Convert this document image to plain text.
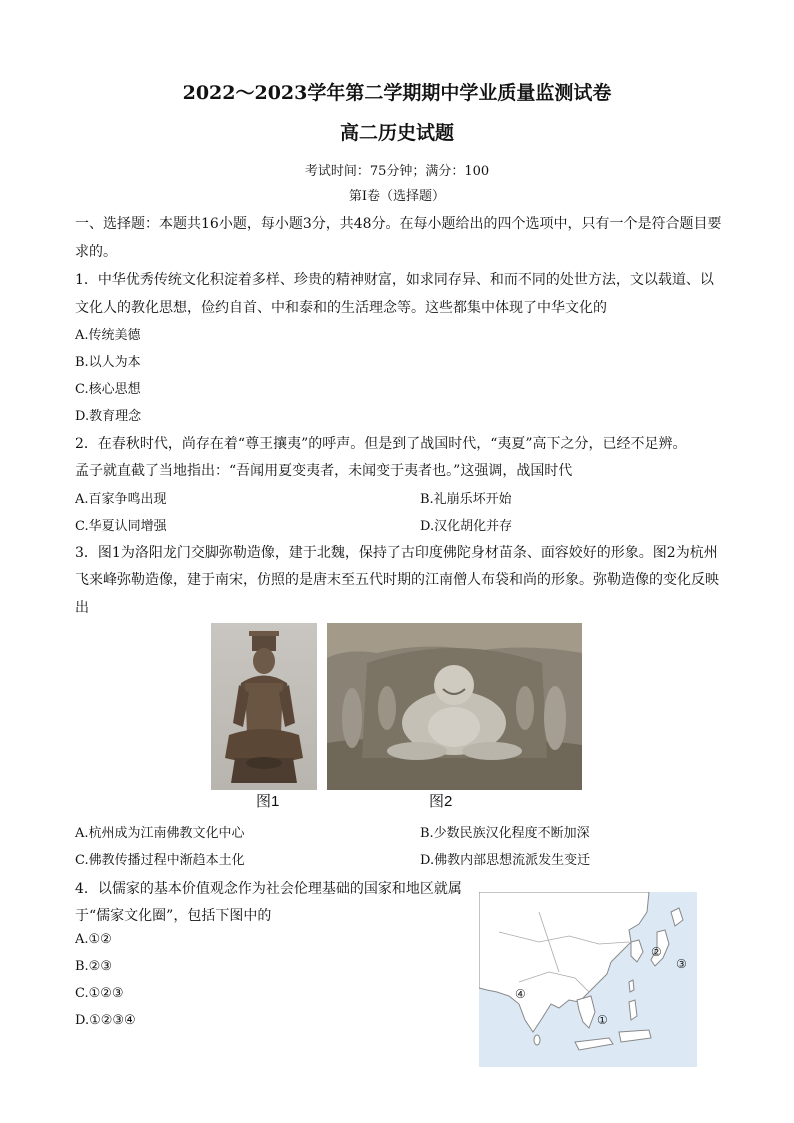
2022～2023学年第二学期期中学业质量监测试卷
高二历史试题
考试时间：75分钟；满分：100
第Ⅰ卷（选择题）
一、选择题：本题共16小题，每小题3分，共48分。在每小题给出的四个选项中，只有一个是符合题目要
求的。
1．中华优秀传统文化积淀着多样、珍贵的精神财富，如求同存异、和而不同的处世方法，文以载道、以
文化人的教化思想，俭约自首、中和泰和的生活理念等。这些都集中体现了中华文化的
A.传统美德
B.以人为本
C.核心思想
D.教育理念
2．在春秋时代，尚存在着“尊王攘夷”的呼声。但是到了战国时代，“夷夏”高下之分，已经不足辨。
孟子就直截了当地指出：“吾闻用夏变夷者，未闻变于夷者也。”这强调，战国时代
A.百家争鸣出现	B.礼崩乐坏开始
C.华夏认同增强	D.汉化胡化并存
3．图1为洛阳龙门交脚弥勒造像，建于北魏，保持了古印度佛陀身材苗条、面容姣好的形象。图2为杭州
飞来峰弥勒造像，建于南宋，仿照的是唐末至五代时期的江南僧人布袋和尚的形象。弥勒造像的变化反映
出
图1	图2
A.杭州成为江南佛教文化中心	B.少数民族汉化程度不断加深
C.佛教传播过程中渐趋本土化	D.佛教内部思想流派发生变迁
4．以儒家的基本价值观念作为社会伦理基础的国家和地区就属
于“儒家文化圈”，包括下图中的
A.①②
B.②③
C.①②③
D.①②③④
②
③
④
①
